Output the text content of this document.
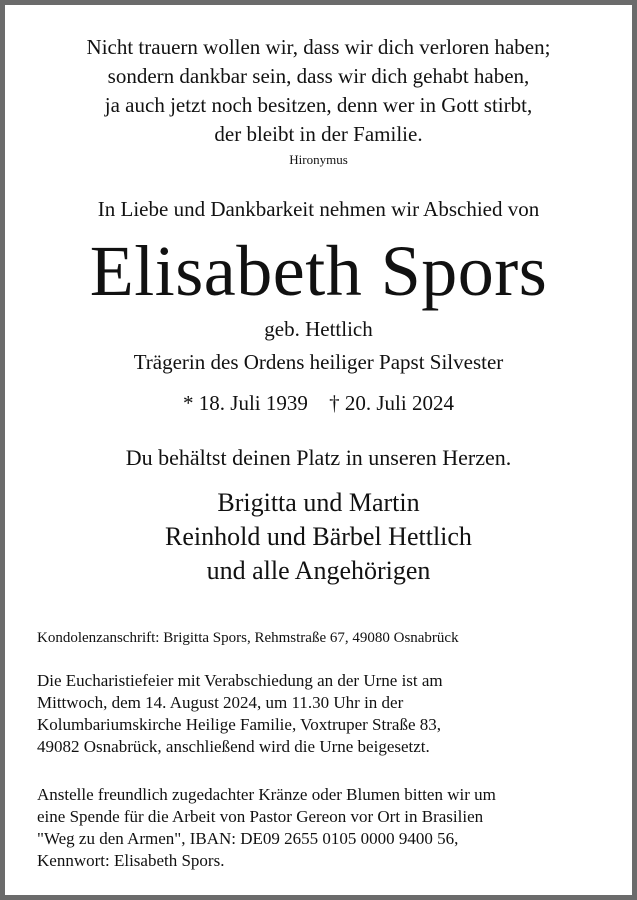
Nicht trauern wollen wir, dass wir dich verloren haben;
sondern dankbar sein, dass wir dich gehabt haben,
ja auch jetzt noch besitzen, denn wer in Gott stirbt,
der bleibt in der Familie.
Hironymus
In Liebe und Dankbarkeit nehmen wir Abschied von
Elisabeth Spors
geb. Hettlich
Trägerin des Ordens heiliger Papst Silvester
* 18. Juli 1939 † 20. Juli 2024
Du behältst deinen Platz in unseren Herzen.
Brigitta und Martin
Reinhold und Bärbel Hettlich
und alle Angehörigen
Kondolenzanschrift: Brigitta Spors, Rehmstraße 67, 49080 Osnabrück
Die Eucharistiefeier mit Verabschiedung an der Urne ist am
Mittwoch, dem 14. August 2024, um 11.30 Uhr in der
Kolumbariumskirche Heilige Familie, Voxtruper Straße 83,
49082 Osnabrück, anschließend wird die Urne beigesetzt.
Anstelle freundlich zugedachter Kränze oder Blumen bitten wir um
eine Spende für die Arbeit von Pastor Gereon vor Ort in Brasilien
"Weg zu den Armen", IBAN: DE09 2655 0105 0000 9400 56,
Kennwort: Elisabeth Spors.
